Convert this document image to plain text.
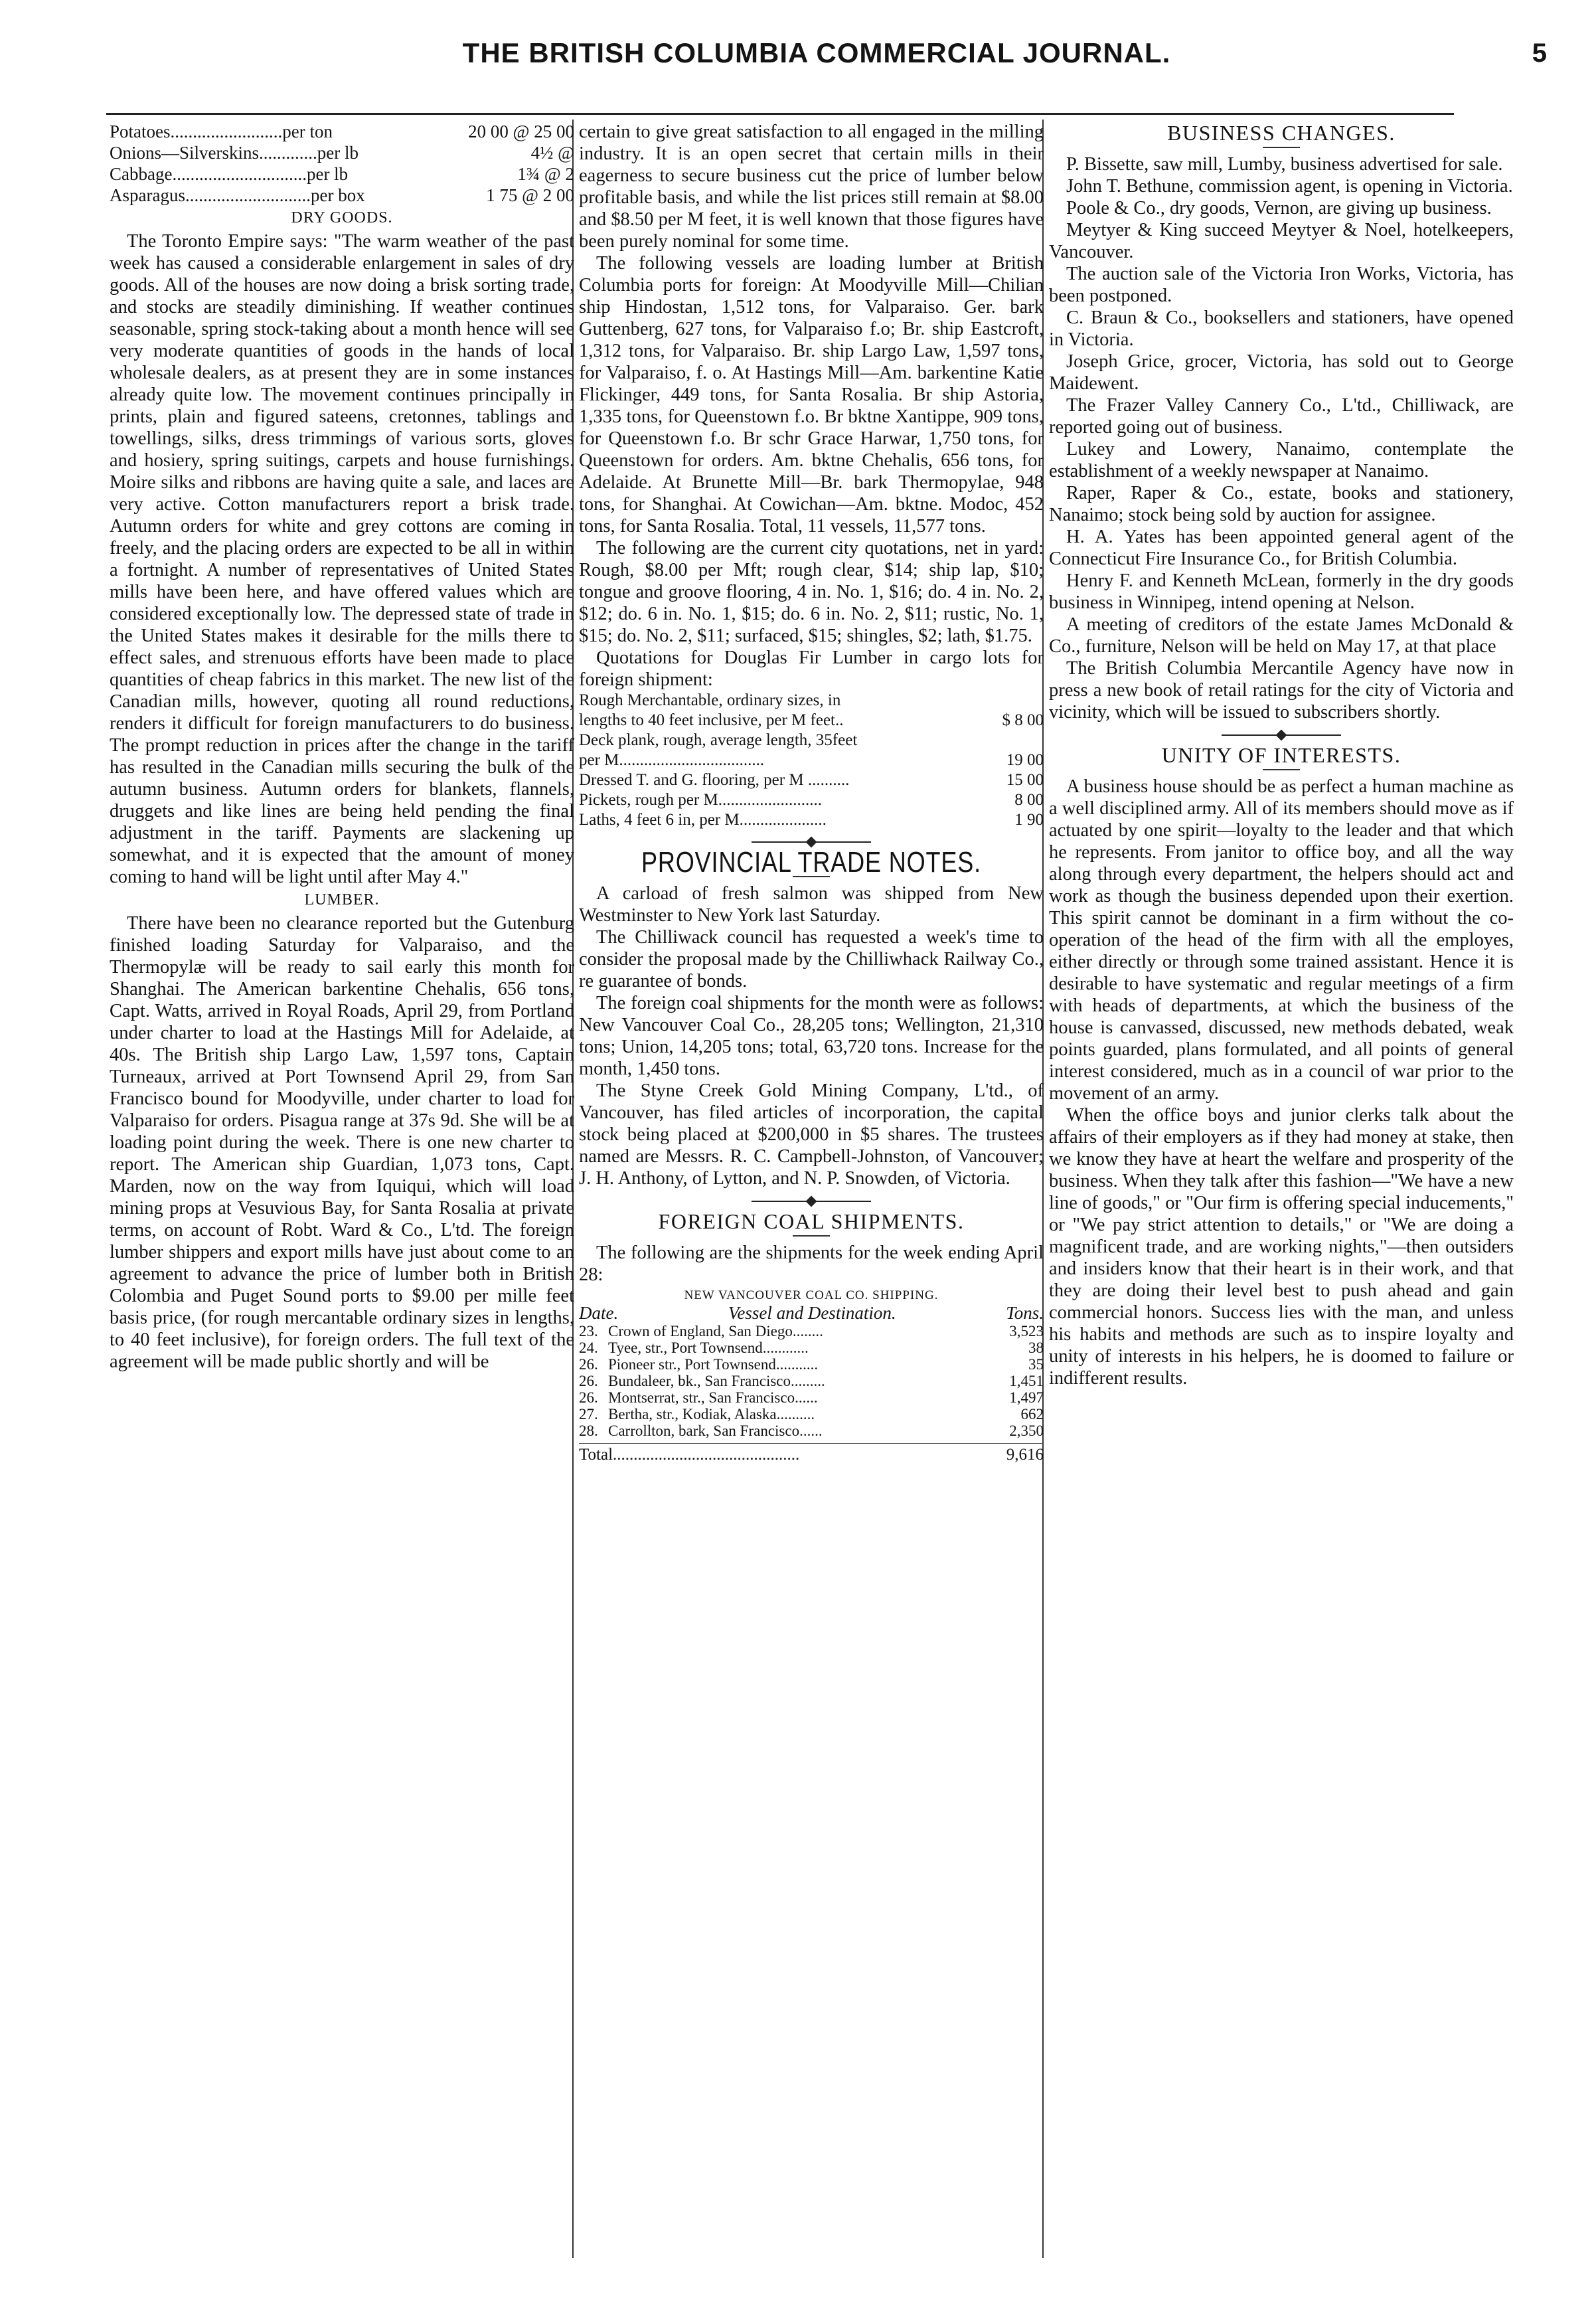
THE BRITISH COLUMBIA COMMERCIAL JOURNAL.	5
Potatoes.........................per ton	20 00 @ 25 00
Onions—Silverskins.............per lb	4½ @
Cabbage..............................per lb	1¾ @ 2
Asparagus............................per box	1 75 @ 2 00
DRY GOODS.

The Toronto Empire says: "The warm weather of the past week has caused a considerable enlargement in sales of dry goods. All of the houses are now doing a brisk sorting trade, and stocks are steadily diminishing. If weather continues seasonable, spring stock-taking about a month hence will see very moderate quantities of goods in the hands of local wholesale dealers, as at present they are in some instances already quite low. The movement continues principally in prints, plain and figured sateens, cretonnes, tablings and towellings, silks, dress trimmings of various sorts, gloves and hosiery, spring suitings, carpets and house furnishings. Moire silks and ribbons are having quite a sale, and laces are very active. Cotton manufacturers report a brisk trade. Autumn orders for white and grey cottons are coming in freely, and the placing orders are expected to be all in within a fortnight. A number of representatives of United States mills have been here, and have offered values which are considered exceptionally low. The depressed state of trade in the United States makes it desirable for the mills there to effect sales, and strenuous efforts have been made to place quantities of cheap fabrics in this market. The new list of the Canadian mills, however, quoting all round reductions, renders it difficult for foreign manufacturers to do business. The prompt reduction in prices after the change in the tariff has resulted in the Canadian mills securing the bulk of the autumn business. Autumn orders for blankets, flannels, druggets and like lines are being held pending the final adjustment in the tariff. Payments are slackening up somewhat, and it is expected that the amount of money coming to hand will be light until after May 4."

LUMBER.

There have been no clearance reported but the Gutenburg finished loading Saturday for Valparaiso, and the Thermopylæ will be ready to sail early this month for Shanghai. The American barkentine Chehalis, 656 tons, Capt. Watts, arrived in Royal Roads, April 29, from Portland under charter to load at the Hastings Mill for Adelaide, at 40s. The British ship Largo Law, 1,597 tons, Captain Turneaux, arrived at Port Townsend April 29, from San Francisco bound for Moodyville, under charter to load for Valparaiso for orders. Pisagua range at 37s 9d. She will be at loading point during the week. There is one new charter to report. The American ship Guardian, 1,073 tons, Capt. Marden, now on the way from Iquiqui, which will load mining props at Vesuvious Bay, for Santa Rosalia at private terms, on account of Robt. Ward & Co., L'td. The foreign lumber shippers and export mills have just about come to an agreement to advance the price of lumber both in British Colombia and Puget Sound ports to $9.00 per mille feet basis price, (for rough mercantable ordinary sizes in lengths, to 40 feet inclusive), for foreign orders. The full text of the agreement will be made public shortly and will be

certain to give great satisfaction to all engaged in the milling industry. It is an open secret that certain mills in their eagerness to secure business cut the price of lumber below profitable basis, and while the list prices still remain at $8.00 and $8.50 per M feet, it is well known that those figures have been purely nominal for some time.

The following vessels are loading lumber at British Columbia ports for foreign: At Moodyville Mill—Chilian ship Hindostan, 1,512 tons, for Valparaiso. Ger. bark Guttenberg, 627 tons, for Valparaiso f.o; Br. ship Eastcroft, 1,312 tons, for Valparaiso. Br. ship Largo Law, 1,597 tons, for Valparaiso, f. o. At Hastings Mill—Am. barkentine Katie Flickinger, 449 tons, for Santa Rosalia. Br ship Astoria, 1,335 tons, for Queenstown f.o. Br bktne Xantippe, 909 tons, for Queenstown f.o. Br schr Grace Harwar, 1,750 tons, for Queenstown for orders. Am. bktne Chehalis, 656 tons, for Adelaide. At Brunette Mill—Br. bark Thermopylae, 948 tons, for Shanghai. At Cowichan—Am. bktne. Modoc, 452 tons, for Santa Rosalia. Total, 11 vessels, 11,577 tons.

The following are the current city quotations, net in yard: Rough, $8.00 per Mft; rough clear, $14; ship lap, $10; tongue and groove flooring, 4 in. No. 1, $16; do. 4 in. No. 2, $12; do. 6 in. No. 1, $15; do. 6 in. No. 2, $11; rustic, No. 1, $15; do. No. 2, $11; surfaced, $15; shingles, $2; lath, $1.75.

Quotations for Douglas Fir Lumber in cargo lots for foreign shipment:

Rough Merchantable, ordinary sizes, in
lengths to 40 feet inclusive, per M feet..	$ 8 00
Deck plank, rough, average length, 35feet
per M...................................	19 00
Dressed T. and G. flooring, per M ..........	15 00
Pickets, rough per M.........................	8 00
Laths, 4 feet 6 in, per M.....................	1 90
PROVINCIAL TRADE NOTES.

A carload of fresh salmon was shipped from New Westminster to New York last Saturday.

The Chilliwack council has requested a week's time to consider the proposal made by the Chilliwhack Railway Co., re guarantee of bonds.

The foreign coal shipments for the month were as follows: New Vancouver Coal Co., 28,205 tons; Wellington, 21,310 tons; Union, 14,205 tons; total, 63,720 tons. Increase for the month, 1,450 tons.

The Styne Creek Gold Mining Company, L'td., of Vancouver, has filed articles of incorporation, the capital stock being placed at $200,000 in $5 shares. The trustees named are Messrs. R. C. Campbell-Johnston, of Vancouver; J. H. Anthony, of Lytton, and N. P. Snowden, of Victoria.

FOREIGN COAL SHIPMENTS.

The following are the shipments for the week ending April 28:

NEW VANCOUVER COAL CO. SHIPPING.
Date.	Vessel and Destination.	Tons.
23. Crown of England, San Diego........	3,523
24. Tyee, str., Port Townsend............	38
26. Pioneer str., Port Townsend...........	35
26. Bundaleer, bk., San Francisco.........	1,451
26. Montserrat, str., San Francisco......	1,497
27. Bertha, str., Kodiak, Alaska..........	662
28. Carrollton, bark, San Francisco......	2,350
Total.............................................	9,616
BUSINESS CHANGES.

P. Bissette, saw mill, Lumby, business advertised for sale.

John T. Bethune, commission agent, is opening in Victoria.

Poole & Co., dry goods, Vernon, are giving up business.

Meytyer & King succeed Meytyer & Noel, hotelkeepers, Vancouver.

The auction sale of the Victoria Iron Works, Victoria, has been postponed.

C. Braun & Co., booksellers and stationers, have opened in Victoria.

Joseph Grice, grocer, Victoria, has sold out to George Maidewent.

The Frazer Valley Cannery Co., L'td., Chilliwack, are reported going out of business.

Lukey and Lowery, Nanaimo, contemplate the establishment of a weekly newspaper at Nanaimo.

Raper, Raper & Co., estate, books and stationery, Nanaimo; stock being sold by auction for assignee.

H. A. Yates has been appointed general agent of the Connecticut Fire Insurance Co., for British Columbia.

Henry F. and Kenneth McLean, formerly in the dry goods business in Winnipeg, intend opening at Nelson.

A meeting of creditors of the estate James McDonald & Co., furniture, Nelson will be held on May 17, at that place

The British Columbia Mercantile Agency have now in press a new book of retail ratings for the city of Victoria and vicinity, which will be issued to subscribers shortly.

UNITY OF INTERESTS.

A business house should be as perfect a human machine as a well disciplined army. All of its members should move as if actuated by one spirit—loyalty to the leader and that which he represents. From janitor to office boy, and all the way along through every department, the helpers should act and work as though the business depended upon their exertion. This spirit cannot be dominant in a firm without the co-operation of the head of the firm with all the employes, either directly or through some trained assistant. Hence it is desirable to have systematic and regular meetings of a firm with heads of departments, at which the business of the house is canvassed, discussed, new methods debated, weak points guarded, plans formulated, and all points of general interest considered, much as in a council of war prior to the movement of an army.

When the office boys and junior clerks talk about the affairs of their employers as if they had money at stake, then we know they have at heart the welfare and prosperity of the business. When they talk after this fashion—"We have a new line of goods," or "Our firm is offering special inducements," or "We pay strict attention to details," or "We are doing a magnificent trade, and are working nights,"—then outsiders and insiders know that their heart is in their work, and that they are doing their level best to push ahead and gain commercial honors. Success lies with the man, and unless his habits and methods are such as to inspire loyalty and unity of interests in his helpers, he is doomed to failure or indifferent results.
